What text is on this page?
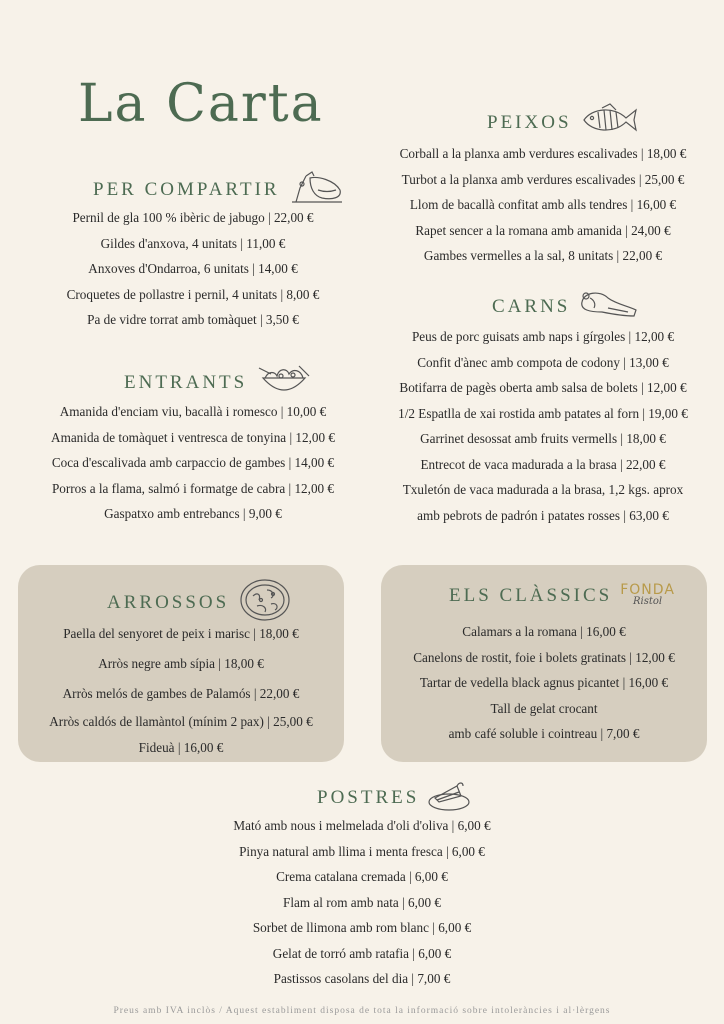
La Carta
PER COMPARTIR
Pernil de gla 100 % ibèric de jabugo | 22,00 €
Gildes d'anxova, 4 unitats | 11,00 €
Anxoves d'Ondarroa, 6 unitats | 14,00 €
Croquetes de pollastre i pernil, 4 unitats | 8,00 €
Pa de vidre torrat amb tomàquet | 3,50 €
ENTRANTS
Amanida d'enciam viu, bacallà i romesco | 10,00 €
Amanida de tomàquet i ventresca de tonyina | 12,00 €
Coca d'escalivada amb carpaccio de gambes | 14,00 €
Porros a la flama, salmó i formatge de cabra | 12,00 €
Gaspatxo amb entrebancs | 9,00 €
PEIXOS
Corball a la planxa amb verdures escalivades | 18,00 €
Turbot a la planxa amb verdures escalivades | 25,00 €
Llom de bacallà confitat amb alls tendres | 16,00 €
Rapet sencer a la romana amb amanida | 24,00 €
Gambes vermelles a la sal, 8 unitats | 22,00 €
CARNS
Peus de porc guisats amb naps i gírgoles | 12,00 €
Confit d'ànec amb compota de codony | 13,00 €
Botifarra de pagès oberta amb salsa de bolets | 12,00 €
1/2 Espatlla de xai rostida amb patates al forn | 19,00 €
Garrinet desossat amb fruits vermells | 18,00 €
Entrecot de vaca madurada a la brasa | 22,00 €
Txuletón de vaca madurada a la brasa, 1,2 kgs. aprox
amb pebrots de padrón i patates rosses | 63,00 €
ARROSSOS
Paella del senyoret de peix i marisc | 18,00 €
Arròs negre amb sípia | 18,00 €
Arròs melós de gambes de Palamós | 22,00 €
Arròs caldós de llamàntol (mínim 2 pax) | 25,00 €
Fideuà | 16,00 €
ELS CLÀSSICS FONDA
Ristol
Calamars a la romana | 16,00 €
Canelons de rostit, foie i bolets gratinats | 12,00 €
Tartar de vedella black agnus picantet | 16,00 €
Tall de gelat crocant
amb café soluble i cointreau | 7,00 €
POSTRES
Mató amb nous i melmelada d'oli d'oliva | 6,00 €
Pinya natural amb llima i menta fresca | 6,00 €
Crema catalana cremada | 6,00 €
Flam al rom amb nata | 6,00 €
Sorbet de llimona amb rom blanc | 6,00 €
Gelat de torró amb ratafia | 6,00 €
Pastissos casolans del dia | 7,00 €
Preus amb IVA inclòs / Aquest establiment disposa de tota la informació sobre intoleràncies i al·lèrgens
